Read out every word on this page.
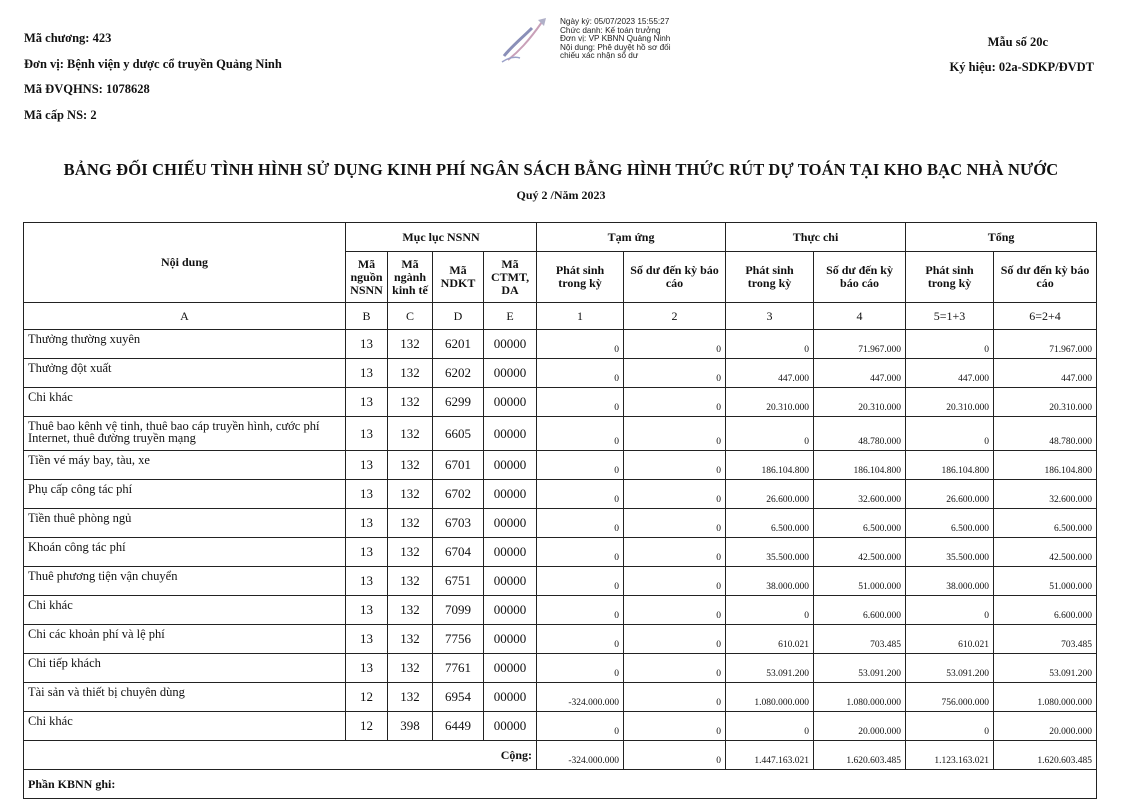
Mã chương: 423
Đơn vị: Bệnh viện y dược cổ truyền Quảng Ninh
Mã ĐVQHNS: 1078628
Mã cấp NS: 2
Ngày ký: 05/07/2023 15:55:27
Chức danh: Kế toán trưởng
Đơn vị: VP KBNN Quảng Ninh
Nội dung: Phê duyệt hồ sơ đối
chiếu xác nhận số dư
Mẫu số 20c
Ký hiệu: 02a-SDKP/ĐVDT
BẢNG ĐỐI CHIẾU TÌNH HÌNH SỬ DỤNG KINH PHÍ NGÂN SÁCH BẰNG HÌNH THỨC RÚT DỰ TOÁN TẠI KHO BẠC NHÀ NƯỚC
Quý 2 /Năm 2023
Nội dung	Mục lục NSNN				Tạm ứng		Thực chi		Tổng	
	Mã nguồn NSNN	Mã ngành kinh tế	Mã NDKT	Mã CTMT, DA	Phát sinh trong kỳ	Số dư đến kỳ báo cáo	Phát sinh trong kỳ	Số dư đến kỳ báo cáo	Phát sinh trong kỳ	Số dư đến kỳ báo cáo
A	B	C	D	E	1	2	3	4	5=1+3	6=2+4
Thưởng thường xuyên	13	132	6201	00000	0	0	0	71.967.000	0	71.967.000
Thưởng đột xuất	13	132	6202	00000	0	0	447.000	447.000	447.000	447.000
Chi khác	13	132	6299	00000	0	0	20.310.000	20.310.000	20.310.000	20.310.000
Thuê bao kênh vệ tinh, thuê bao cáp truyền hình, cước phí Internet, thuê đường truyền mạng	13	132	6605	00000	0	0	0	48.780.000	0	48.780.000
Tiền vé máy bay, tàu, xe	13	132	6701	00000	0	0	186.104.800	186.104.800	186.104.800	186.104.800
Phụ cấp công tác phí	13	132	6702	00000	0	0	26.600.000	32.600.000	26.600.000	32.600.000
Tiền thuê phòng ngủ	13	132	6703	00000	0	0	6.500.000	6.500.000	6.500.000	6.500.000
Khoán công tác phí	13	132	6704	00000	0	0	35.500.000	42.500.000	35.500.000	42.500.000
Thuê phương tiện vận chuyển	13	132	6751	00000	0	0	38.000.000	51.000.000	38.000.000	51.000.000
Chi khác	13	132	7099	00000	0	0	0	6.600.000	0	6.600.000
Chi các khoản phí và lệ phí	13	132	7756	00000	0	0	610.021	703.485	610.021	703.485
Chi tiếp khách	13	132	7761	00000	0	0	53.091.200	53.091.200	53.091.200	53.091.200
Tài sản và thiết bị chuyên dùng	12	132	6954	00000	-324.000.000	0	1.080.000.000	1.080.000.000	756.000.000	1.080.000.000
Chi khác	12	398	6449	00000	0	0	0	20.000.000	0	20.000.000
Cộng:					-324.000.000	0	1.447.163.021	1.620.603.485	1.123.163.021	1.620.603.485
Phần KBNN ghi:										
